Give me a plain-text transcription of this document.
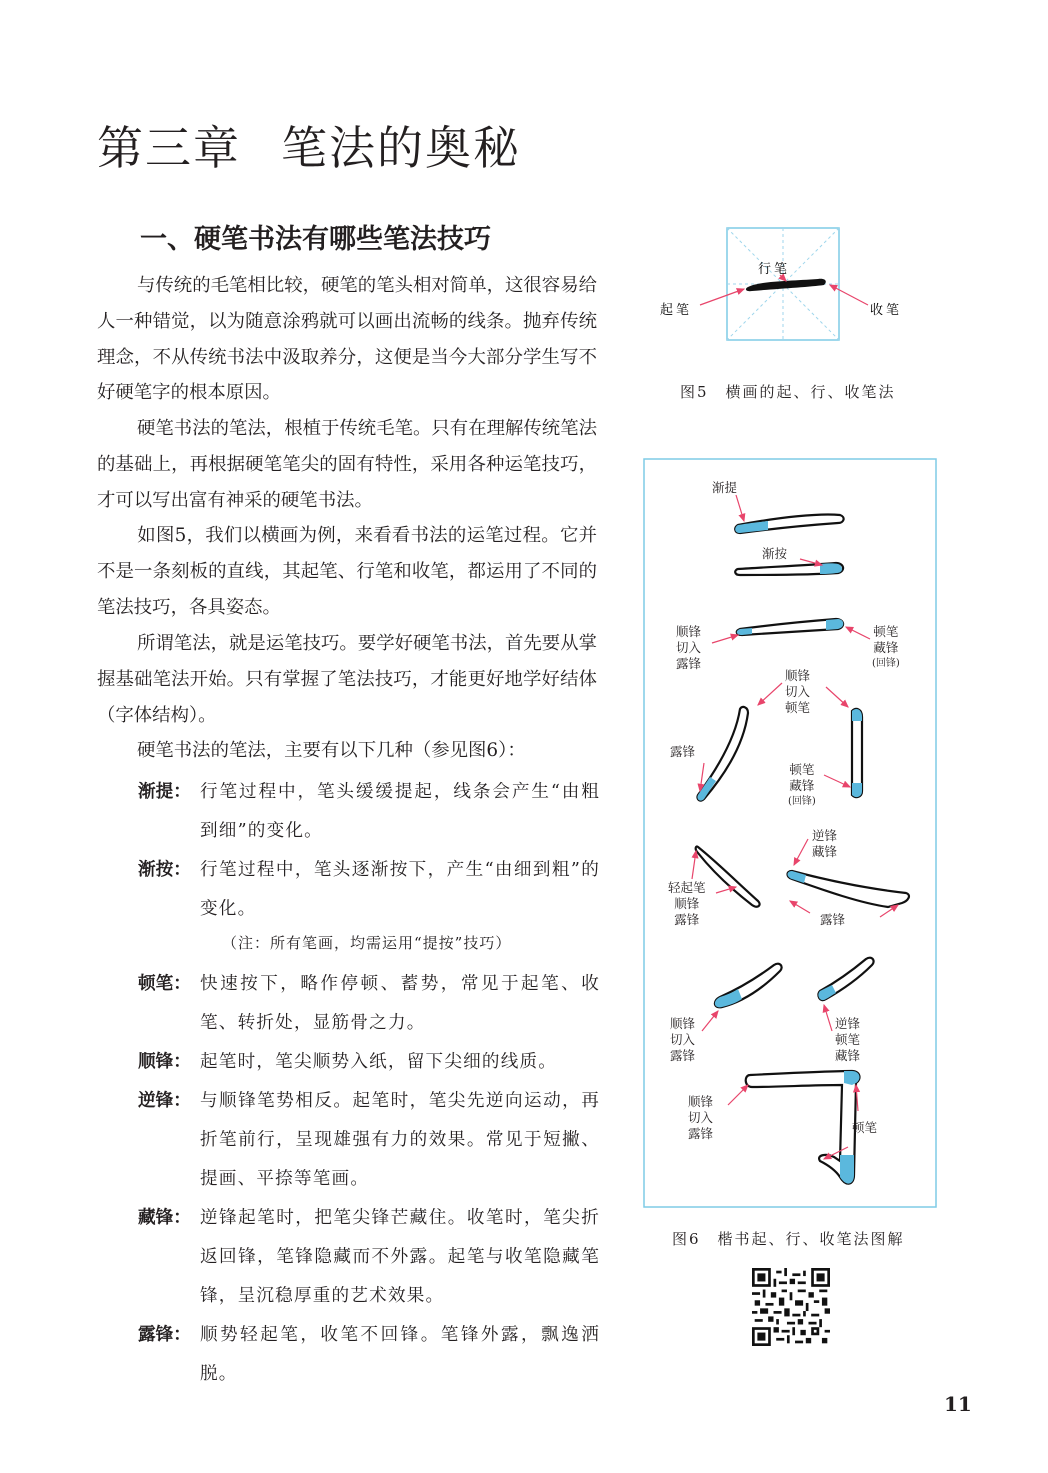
第三章 笔法的奥秘
一、硬笔书法有哪些笔法技巧

与传统的毛笔相比较，硬笔的笔头相对简单，这很容易给人一种错觉，以为随意涂鸦就可以画出流畅的线条。抛弃传统理念，不从传统书法中汲取养分，这便是当今大部分学生写不好硬笔字的根本原因。

硬笔书法的笔法，根植于传统毛笔。只有在理解传统笔法的基础上，再根据硬笔笔尖的固有特性，采用各种运笔技巧，才可以写出富有神采的硬笔书法。

如图5，我们以横画为例，来看看书法的运笔过程。它并不是一条刻板的直线，其起笔、行笔和收笔，都运用了不同的笔法技巧，各具姿态。

所谓笔法，就是运笔技巧。要学好硬笔书法，首先要从掌握基础笔法开始。只有掌握了笔法技巧，才能更好地学好结体（字体结构）。

硬笔书法的笔法，主要有以下几种（参见图6）：

渐提： 行笔过程中，笔头缓缓提起，线条会产生“由粗到细”的变化。
渐按： 行笔过程中，笔头逐渐按下，产生“由细到粗”的变化。
（注：所有笔画，均需运用“提按”技巧）
顿笔： 快速按下，略作停顿、蓄势，常见于起笔、收笔、转折处，显筋骨之力。
顺锋： 起笔时，笔尖顺势入纸，留下尖细的线质。
逆锋： 与顺锋笔势相反。起笔时，笔尖先逆向运动，再折笔前行，呈现雄强有力的效果。常见于短撇、提画、平捺等笔画。
藏锋： 逆锋起笔时，把笔尖锋芒藏住。收笔时，笔尖折返回锋，笔锋隐藏而不外露。起笔与收笔隐藏笔锋，呈沉稳厚重的艺术效果。
露锋： 顺势轻起笔，收笔不回锋。笔锋外露，飘逸洒脱。
起笔
行笔
收笔
图5　横画的起、行、收笔法
渐提
渐按
顺锋
切入
露锋
顿笔
藏锋
(回锋)
顺锋
切入
顿笔
露锋
顿笔
藏锋
(回锋)
逆锋
藏锋
轻起笔
顺锋
露锋	露锋
顺锋
切入
露锋
逆锋
顿笔
藏锋
顺锋
切入
露锋	顿笔
图6　楷书起、行、收笔法图解
11
